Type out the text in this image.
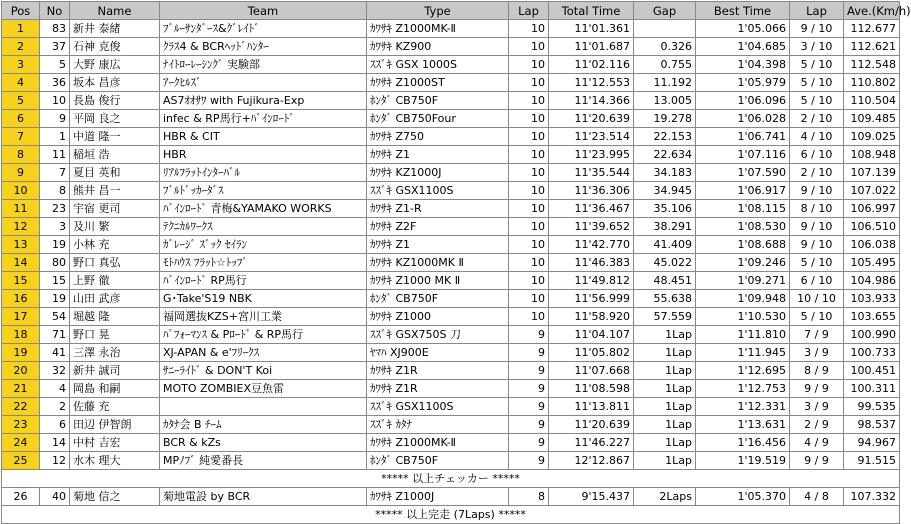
Pos	No	Name	Team	Type	Lap	Total Time	Gap	Best Time	Lap	Ave.(Km/h)
1	83	新井 泰緒	ﾌﾞﾙｰｻﾝﾀﾞｰｽ&ｸﾞﾚｲﾄﾞ	ｶﾜｻｷ Z1000MK-Ⅱ	10	11'01.361		1'05.066	9 / 10	112.677
2	37	石神 克俊	ｸﾗｽ4 & BCRﾍｯﾄﾞﾊﾝﾀｰ	ｶﾜｻｷ KZ900	10	11'01.687	0.326	1'04.685	3 / 10	112.621
3	5	大野 康広	ﾅｲﾄﾛｰﾚｰｼﾝｸﾞ 実験部	ｽｽﾞｷ GSX 1000S	10	11'02.116	0.755	1'04.398	5 / 10	112.548
4	36	坂本 昌彦	ｱｰｸﾋﾙｽﾞ	ｶﾜｻｷ Z1000ST	10	11'12.553	11.192	1'05.979	5 / 10	110.802
5	10	長島 俊行	AS7ｵｵｻﾜ with Fujikura-Exp	ﾎﾝﾀﾞ CB750F	10	11'14.366	13.005	1'06.096	5 / 10	110.504
6	9	平岡 良之	infec & RP馬行+ﾊﾞｲﾝﾛｰﾄﾞ	ﾎﾝﾀﾞ CB750Four	10	11'20.639	19.278	1'06.028	2 / 10	109.485
7	1	中道 隆一	HBR & CIT	ｶﾜｻｷ Z750	10	11'23.514	22.153	1'06.741	4 / 10	109.025
8	11	稲垣 浩	HBR	ｶﾜｻｷ Z1	10	11'23.995	22.634	1'07.116	6 / 10	108.948
9	7	夏目 英和	ﾘｱﾙﾌﾗｯﾄｲﾝﾀｰﾊﾞﾙ	ｶﾜｻｷ KZ1000J	10	11'35.544	34.183	1'07.590	2 / 10	107.139
10	8	熊井 昌一	ﾌﾞﾙﾄﾞｯｶｰﾀﾞｽ	ｽｽﾞｷ GSX1100S	10	11'36.306	34.945	1'06.917	9 / 10	107.022
11	23	宇宿 更司	ﾊﾞｲﾝﾛｰﾄﾞ 青梅&YAMAKO WORKS	ｶﾜｻｷ Z1-R	10	11'36.467	35.106	1'08.115	8 / 10	106.997
12	3	及川 繁	ﾃｸﾆｶﾙﾜｰｸｽ	ｶﾜｻｷ Z2F	10	11'39.652	38.291	1'08.530	9 / 10	106.510
13	19	小林 充	ｶﾞﾚｰｼﾞ ｽﾞｯｸ ｾｲﾗﾝ	ｶﾜｻｷ Z1	10	11'42.770	41.409	1'08.688	9 / 10	106.038
14	80	野口 真弘	ﾓﾄﾊｳｽ ﾌﾗｯﾄ☆ﾄｯﾌﾟ	ｶﾜｻｷ KZ1000MK Ⅱ	10	11'46.383	45.022	1'09.246	5 / 10	105.495
15	15	上野 徹	ﾊﾞｲﾝﾛｰﾄﾞ RP馬行	ｶﾜｻｷ Z1000 MK Ⅱ	10	11'49.812	48.451	1'09.271	6 / 10	104.986
16	19	山田 武彦	G･Take'S19 NBK	ﾎﾝﾀﾞ CB750F	10	11'56.999	55.638	1'09.948	10 / 10	103.933
17	54	堀越 隆	福岡選抜KZS+宮川工業	ｶﾜｻｷ Z1000	10	11'58.920	57.559	1'10.530	5 / 10	103.655
18	71	野口 晃	ﾊﾟﾌｫｰﾏﾝｽ & Pﾛｰﾄﾞ & RP馬行	ｽｽﾞｷ GSX750S 刀	9	11'04.107	1Lap	1'11.810	7 / 9	100.990
19	41	三澤 永治	XJ-APAN & e'ﾌﾘｰｸｽ	ﾔﾏﾊ XJ900E	9	11'05.802	1Lap	1'11.945	3 / 9	100.733
20	32	新井 誠司	ｻﾆｰﾗｲﾄﾞ & DON'T Koi	ｶﾜｻｷ Z1R	9	11'07.668	1Lap	1'12.695	8 / 9	100.451
21	4	岡島 和嗣	MOTO ZOMBIEX豆魚雷	ｶﾜｻｷ Z1R	9	11'08.598	1Lap	1'12.753	9 / 9	100.311
22	2	佐藤 充		ｽｽﾞｷ GSX1100S	9	11'13.811	1Lap	1'12.331	3 / 9	99.535
23	6	田辺 伊智朗	ｶﾀﾅ会 B ﾁｰﾑ	ｽｽﾞｷ ｶﾀﾅ	9	11'20.639	1Lap	1'13.631	2 / 9	98.537
24	14	中村 吉宏	BCR & kZs	ｶﾜｻｷ Z1000MK-Ⅱ	9	11'46.227	1Lap	1'16.456	4 / 9	94.967
25	12	水木 理大	MPﾉﾌﾞ 純愛番長	ﾎﾝﾀﾞ CB750F	9	12'12.867	1Lap	1'19.519	9 / 9	91.515
***** 以上チェッカー *****										
26	40	菊地 信之	菊地電設 by BCR	ｶﾜｻｷ Z1000J	8	9'15.437	2Laps	1'05.370	4 / 8	107.332
***** 以上完走 (7Laps) *****										
